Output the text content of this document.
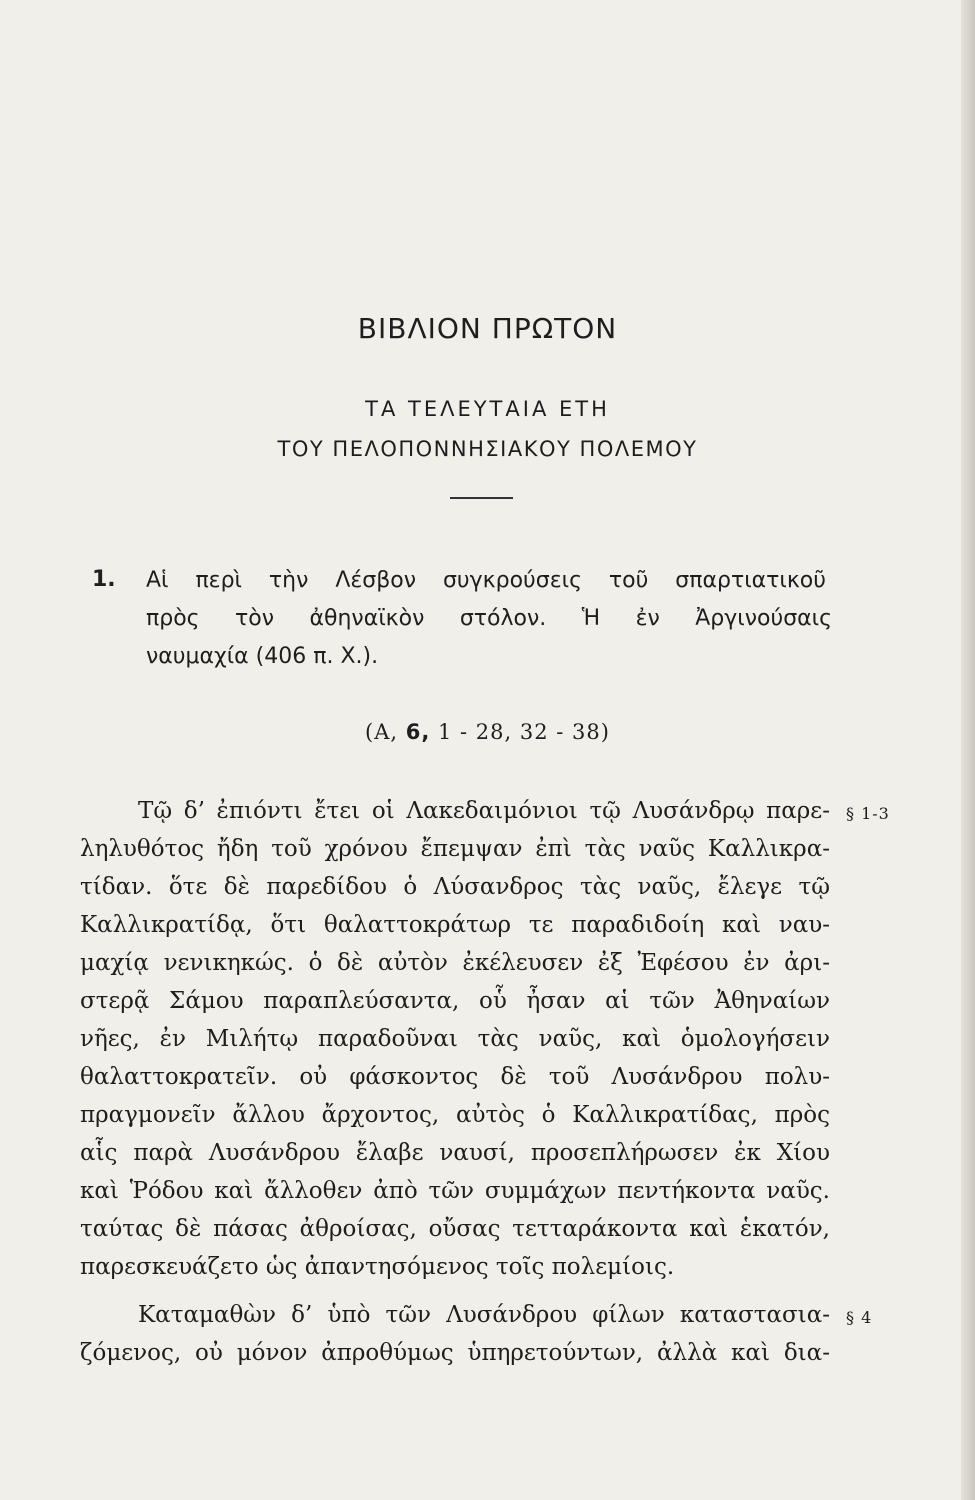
ΒΙΒΛΙΟΝ ΠΡΩΤΟΝ
ΤΑ ΤΕΛΕΥΤΑΙΑ ΕΤΗ
ΤΟΥ ΠΕΛΟΠΟΝΝΗΣΙΑΚΟΥ ΠΟΛΕΜΟΥ
1. Αἱ περὶ τὴν Λέσβον συγκρούσεις τοῦ σπαρτιατικοῦ
πρὸς τὸν ἀθηναϊκὸν στόλον. Ἡ ἐν Ἀργινούσαις
ναυμαχία (406 π. Χ.).
(Α, 6, 1 - 28, 32 - 38)
Τῷ δ’ ἐπιόντι ἔτει οἱ Λακεδαιμόνιοι τῷ Λυσάνδρῳ παρε-
ληλυθότος ἤδη τοῦ χρόνου ἔπεμψαν ἐπὶ τὰς ναῦς Καλλικρα-
τίδαν. ὅτε δὲ παρεδίδου ὁ Λύσανδρος τὰς ναῦς, ἔλεγε τῷ
Καλλικρατίδᾳ, ὅτι θαλαττοκράτωρ τε παραδιδοίη καὶ ναυ-
μαχίᾳ νενικηκώς. ὁ δὲ αὐτὸν ἐκέλευσεν ἐξ Ἐφέσου ἐν ἀρι-
στερᾷ Σάμου παραπλεύσαντα, οὗ ἦσαν αἱ τῶν Ἀθηναίων
νῆες, ἐν Μιλήτῳ παραδοῦναι τὰς ναῦς, καὶ ὁμολογήσειν
θαλαττοκρατεῖν. οὐ φάσκοντος δὲ τοῦ Λυσάνδρου πολυ-
πραγμονεῖν ἄλλου ἄρχοντος, αὐτὸς ὁ Καλλικρατίδας, πρὸς
αἷς παρὰ Λυσάνδρου ἔλαβε ναυσί, προσεπλήρωσεν ἐκ Χίου
καὶ Ῥόδου καὶ ἄλλοθεν ἀπὸ τῶν συμμάχων πεντήκοντα ναῦς.
ταύτας δὲ πάσας ἀθροίσας, οὔσας τετταράκοντα καὶ ἑκατόν,
παρεσκευάζετο ὡς ἀπαντησόμενος τοῖς πολεμίοις.
§ 1-3
Καταμαθὼν δ’ ὑπὸ τῶν Λυσάνδρου φίλων καταστασια-
ζόμενος, οὐ μόνον ἀπροθύμως ὑπηρετούντων, ἀλλὰ καὶ δια-
§ 4
